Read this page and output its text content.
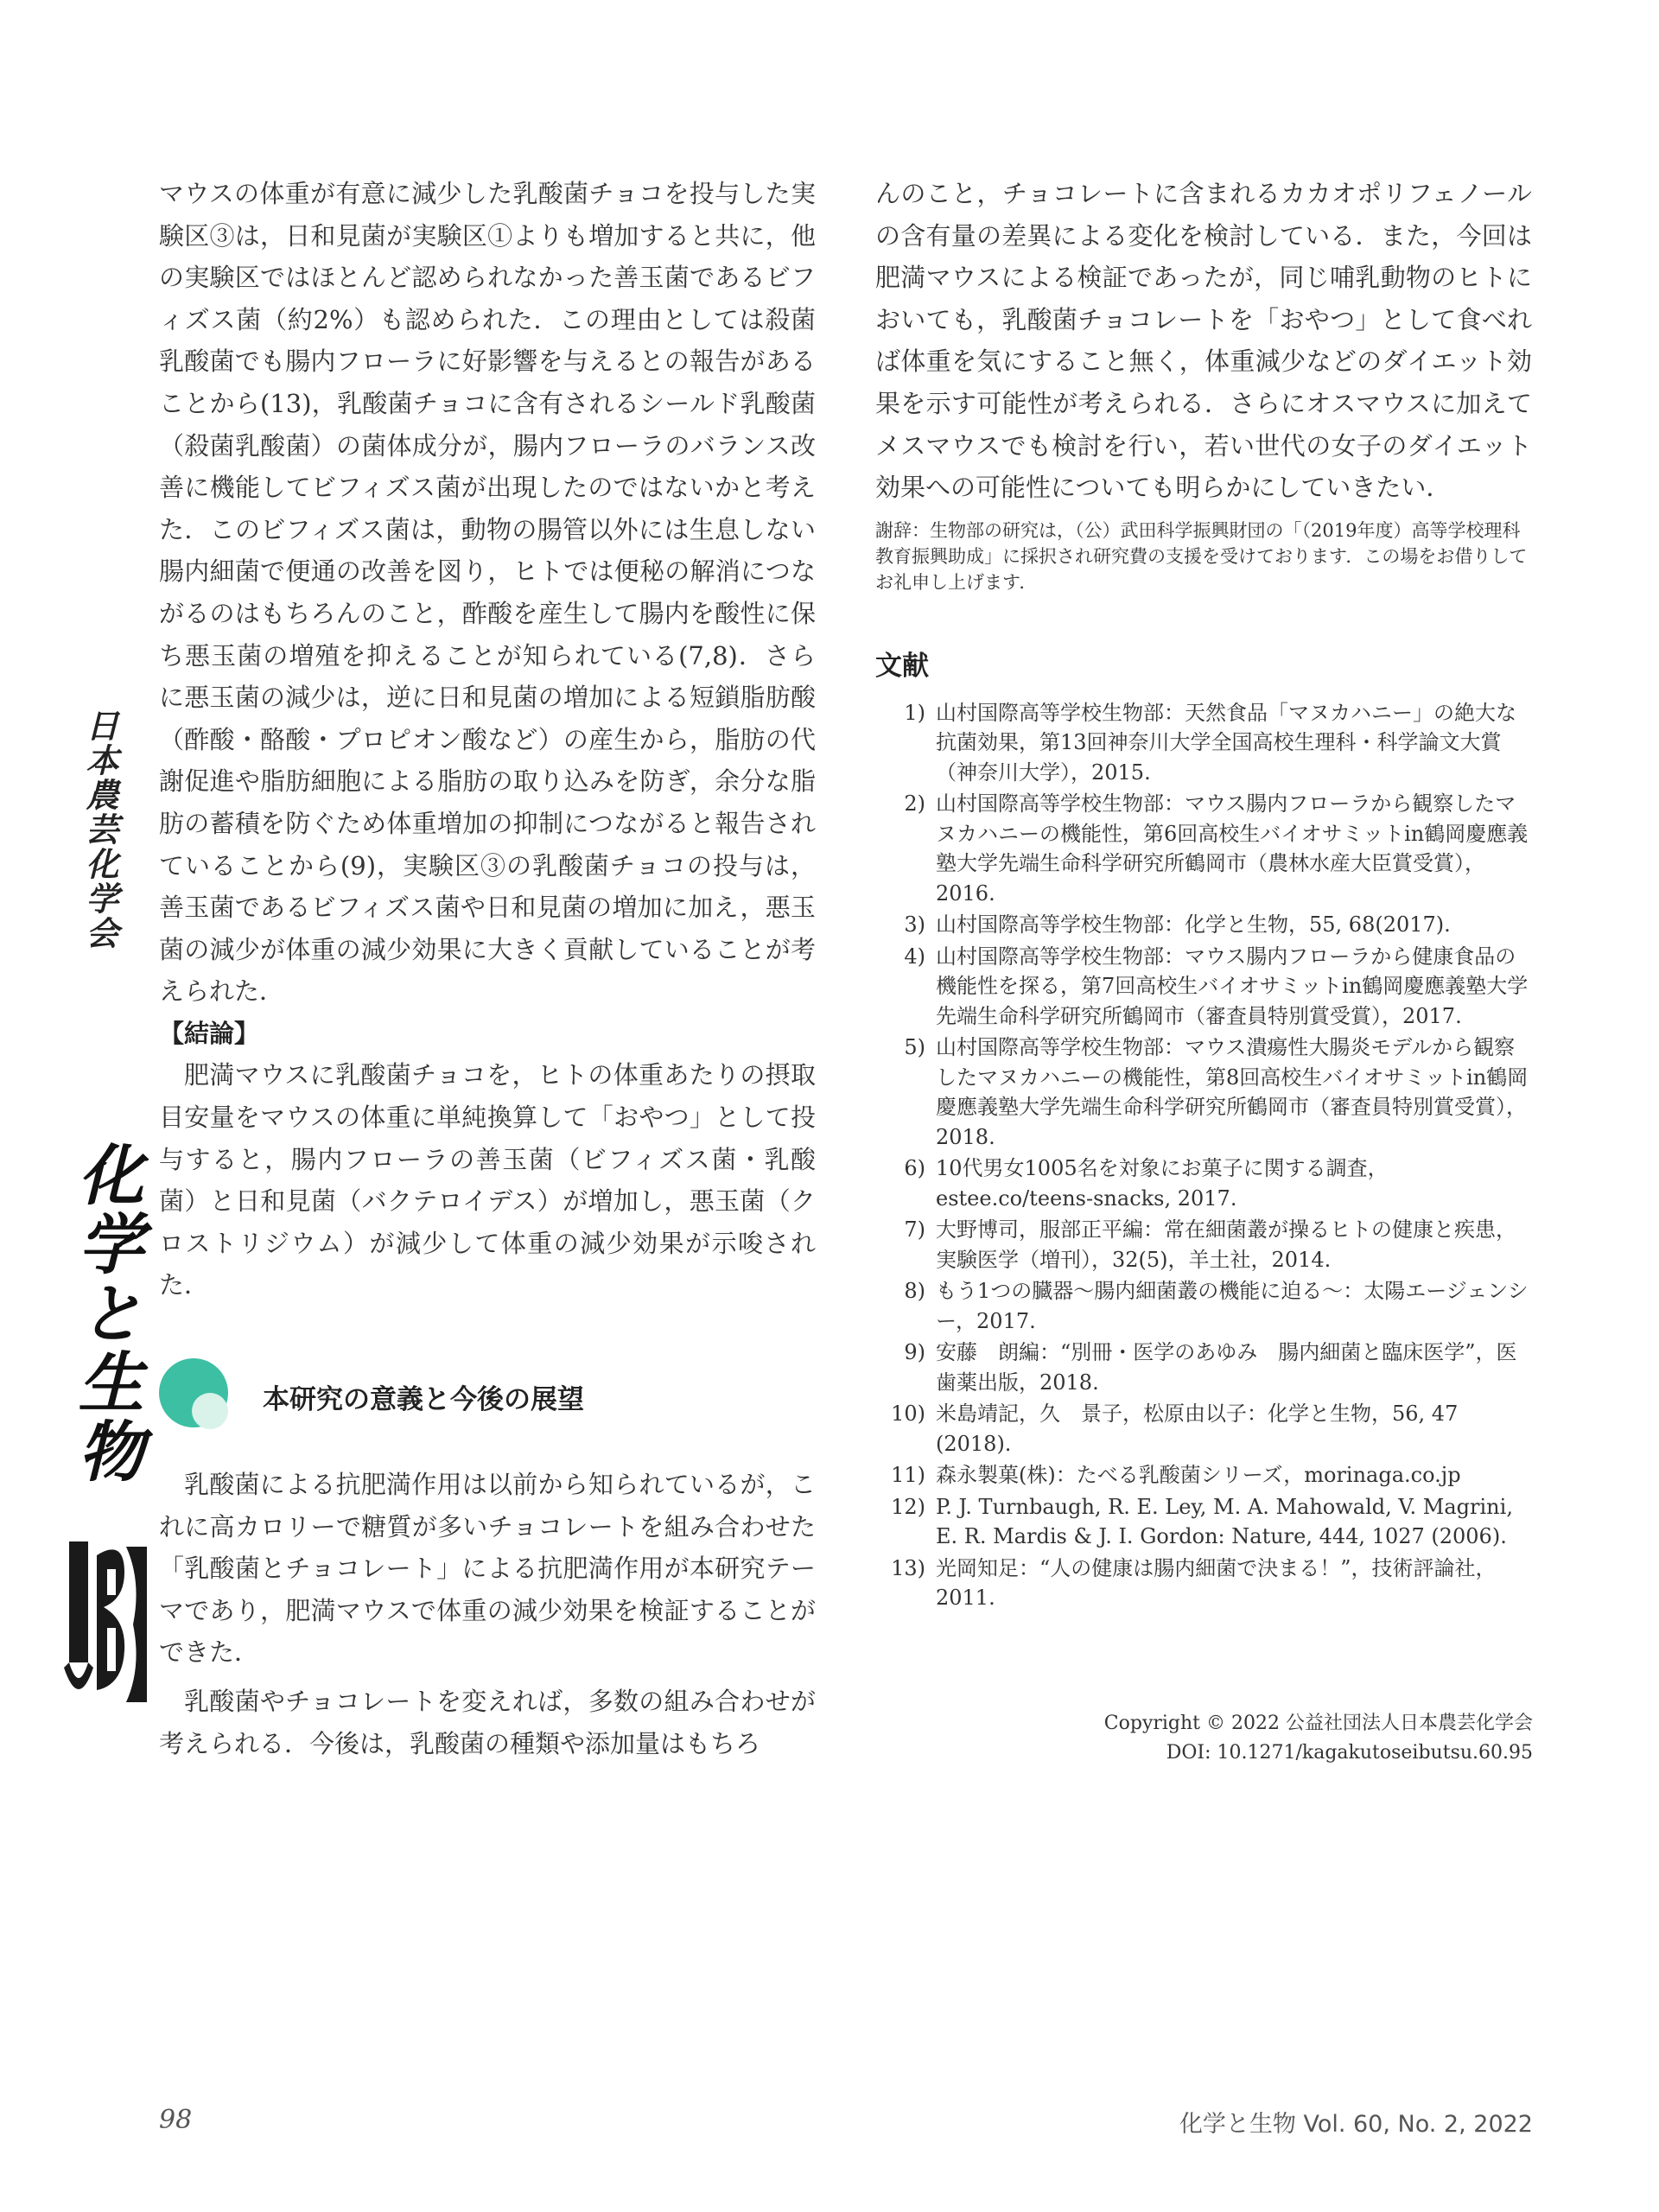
日本農芸化学会
化学と生物

マウスの体重が有意に減少した乳酸菌チョコを投与した実験区③は，日和見菌が実験区①よりも増加すると共に，他の実験区ではほとんど認められなかった善玉菌であるビフィズス菌（約2%）も認められた．この理由としては殺菌乳酸菌でも腸内フローラに好影響を与えるとの報告があることから(13)，乳酸菌チョコに含有されるシールド乳酸菌（殺菌乳酸菌）の菌体成分が，腸内フローラのバランス改善に機能してビフィズス菌が出現したのではないかと考えた．このビフィズス菌は，動物の腸管以外には生息しない腸内細菌で便通の改善を図り，ヒトでは便秘の解消につながるのはもちろんのこと，酢酸を産生して腸内を酸性に保ち悪玉菌の増殖を抑えることが知られている(7,8)．さらに悪玉菌の減少は，逆に日和見菌の増加による短鎖脂肪酸（酢酸・酪酸・プロピオン酸など）の産生から，脂肪の代謝促進や脂肪細胞による脂肪の取り込みを防ぎ，余分な脂肪の蓄積を防ぐため体重増加の抑制につながると報告されていることから(9)，実験区③の乳酸菌チョコの投与は，善玉菌であるビフィズス菌や日和見菌の増加に加え，悪玉菌の減少が体重の減少効果に大きく貢献していることが考えられた．

【結論】

肥満マウスに乳酸菌チョコを，ヒトの体重あたりの摂取目安量をマウスの体重に単純換算して「おやつ」として投与すると，腸内フローラの善玉菌（ビフィズス菌・乳酸菌）と日和見菌（バクテロイデス）が増加し，悪玉菌（クロストリジウム）が減少して体重の減少効果が示唆された．

本研究の意義と今後の展望

乳酸菌による抗肥満作用は以前から知られているが，これに高カロリーで糖質が多いチョコレートを組み合わせた「乳酸菌とチョコレート」による抗肥満作用が本研究テーマであり，肥満マウスで体重の減少効果を検証することができた．

乳酸菌やチョコレートを変えれば，多数の組み合わせが考えられる．今後は，乳酸菌の種類や添加量はもちろ

んのこと，チョコレートに含まれるカカオポリフェノールの含有量の差異による変化を検討している．また，今回は肥満マウスによる検証であったが，同じ哺乳動物のヒトにおいても，乳酸菌チョコレートを「おやつ」として食べれば体重を気にすること無く，体重減少などのダイエット効果を示す可能性が考えられる．さらにオスマウスに加えてメスマウスでも検討を行い，若い世代の女子のダイエット効果への可能性についても明らかにしていきたい．

謝辞：生物部の研究は，（公）武田科学振興財団の「（2019年度）高等学校理科教育振興助成」に採択され研究費の支援を受けております．この場をお借りしてお礼申し上げます．

文献
1) 山村国際高等学校生物部：天然食品「マヌカハニー」の絶大な抗菌効果，第13回神奈川大学全国高校生理科・科学論文大賞（神奈川大学），2015.
2) 山村国際高等学校生物部：マウス腸内フローラから観察したマヌカハニーの機能性，第6回高校生バイオサミットin鶴岡慶應義塾大学先端生命科学研究所鶴岡市（農林水産大臣賞受賞），2016.
3) 山村国際高等学校生物部：化学と生物，55, 68(2017).
4) 山村国際高等学校生物部：マウス腸内フローラから健康食品の機能性を探る，第7回高校生バイオサミットin鶴岡慶應義塾大学先端生命科学研究所鶴岡市（審査員特別賞受賞），2017.
5) 山村国際高等学校生物部：マウス潰瘍性大腸炎モデルから観察したマヌカハニーの機能性，第8回高校生バイオサミットin鶴岡慶應義塾大学先端生命科学研究所鶴岡市（審査員特別賞受賞），2018.
6) 10代男女1005名を対象にお菓子に関する調査，estee.co/teens-snacks, 2017.
7) 大野博司，服部正平編：常在細菌叢が操るヒトの健康と疾患，実験医学（増刊），32(5)，羊土社，2014.
8) もう1つの臓器〜腸内細菌叢の機能に迫る〜：太陽エージェンシー，2017.
9) 安藤　朗編：“別冊・医学のあゆみ　腸内細菌と臨床医学”，医歯薬出版，2018.
10) 米島靖記，久　景子，松原由以子：化学と生物，56, 47 (2018).
11) 森永製菓(株)：たべる乳酸菌シリーズ，morinaga.co.jp
12) P. J. Turnbaugh, R. E. Ley, M. A. Mahowald, V. Magrini, E. R. Mardis & J. I. Gordon: Nature, 444, 1027 (2006).
13) 光岡知足：“人の健康は腸内細菌で決まる！”，技術評論社，2011.
Copyright © 2022 公益社団法人日本農芸化学会
DOI: 10.1271/kagakutoseibutsu.60.95
98	化学と生物 Vol. 60, No. 2, 2022
